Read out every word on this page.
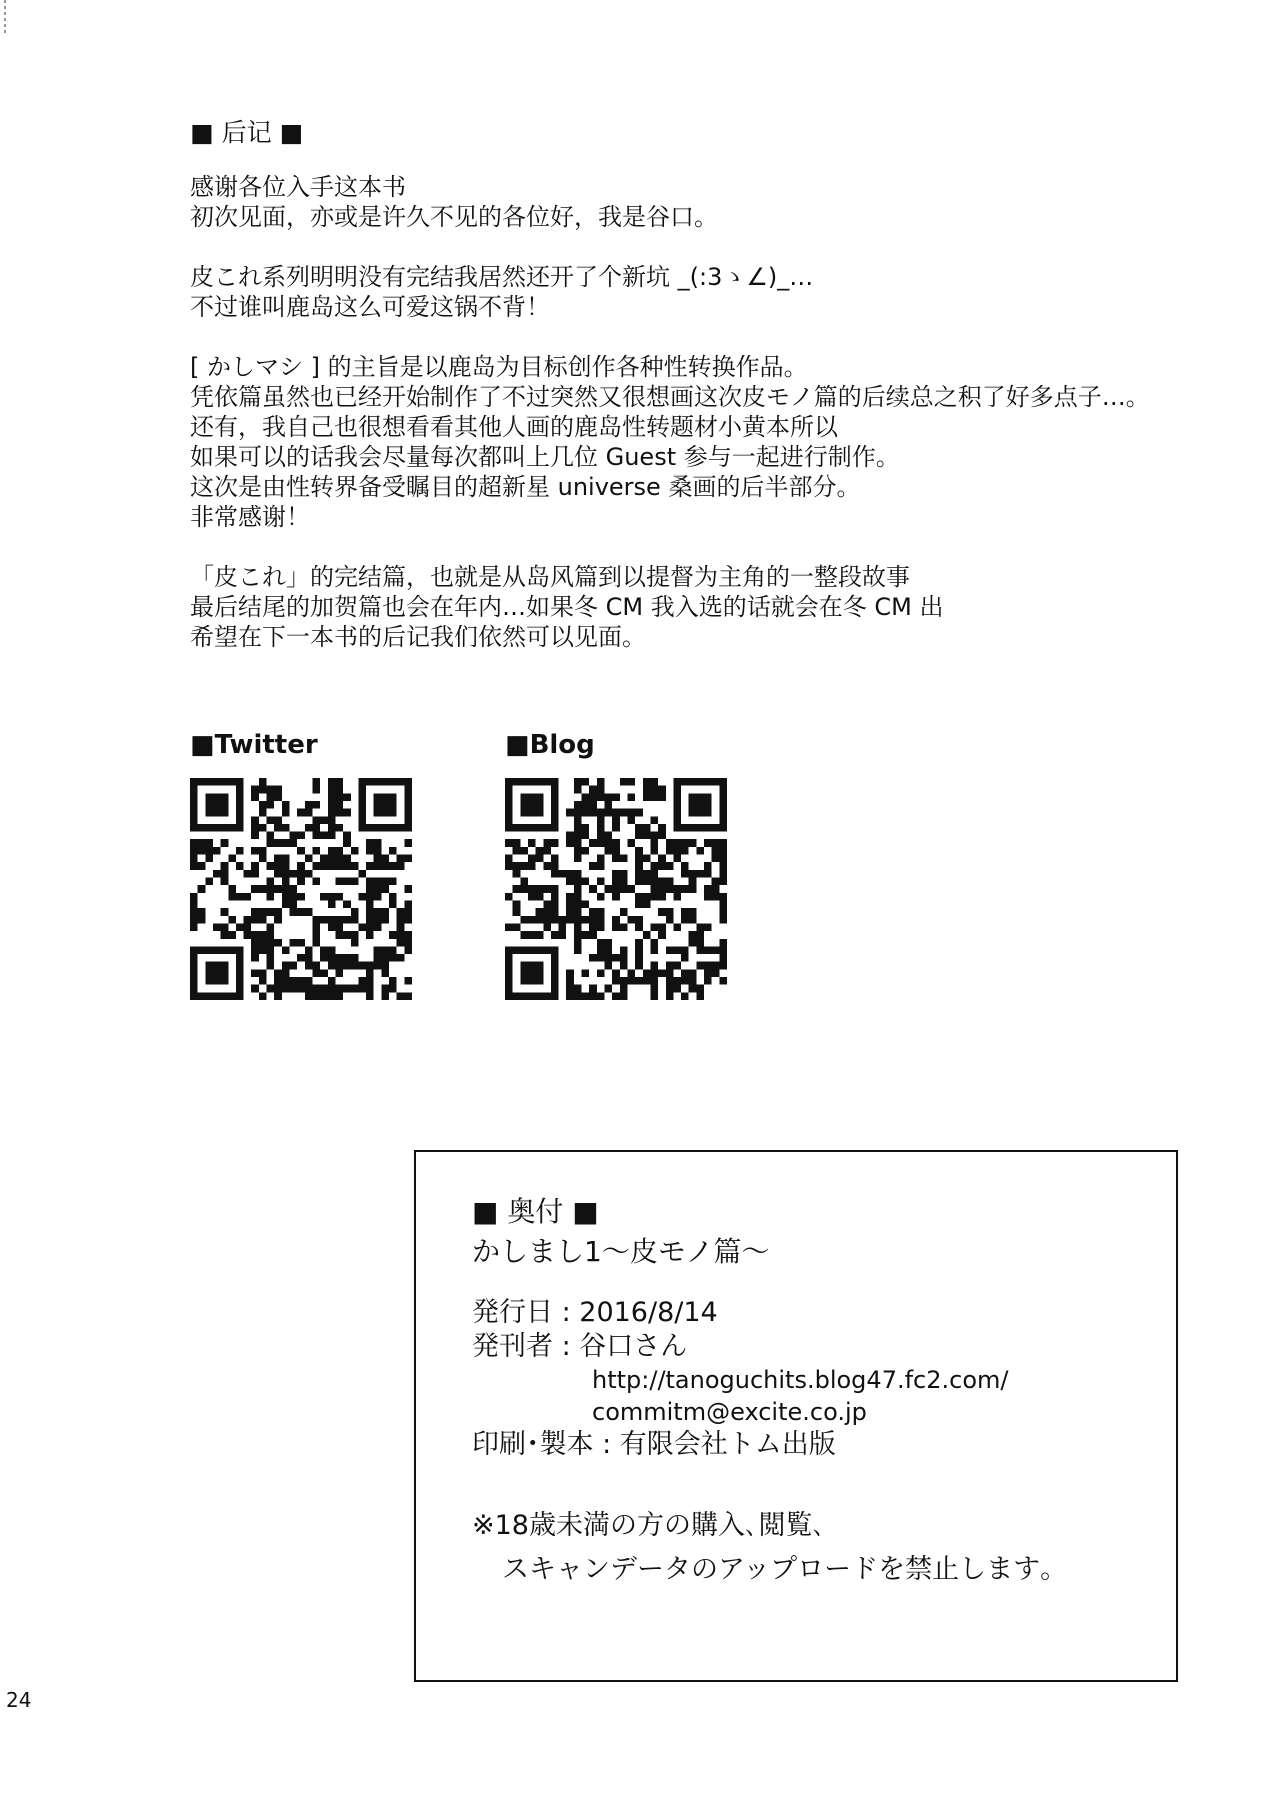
■ 后记 ■
感谢各位入手这本书
初次见面，亦或是许久不见的各位好，我是谷口。
皮これ系列明明没有完结我居然还开了个新坑 _(:3ゝ∠)_…
不过谁叫鹿岛这么可爱这锅不背！
[ かしマシ ] 的主旨是以鹿岛为目标创作各种性转换作品。
凭依篇虽然也已经开始制作了不过突然又很想画这次皮モノ篇的后续总之积了好多点子…。
还有，我自己也很想看看其他人画的鹿岛性转题材小黄本所以
如果可以的话我会尽量每次都叫上几位 Guest 参与一起进行制作。
这次是由性转界备受瞩目的超新星 universe 桑画的后半部分。
非常感谢！
「皮これ」的完结篇，也就是从岛风篇到以提督为主角的一整段故事
最后结尾的加贺篇也会在年内…如果冬 CM 我入选的话就会在冬 CM 出
希望在下一本书的后记我们依然可以见面。
■Twitter	■Blog
■ 奥付 ■
かしまし1～皮モノ篇～
発行日 : 2016/8/14
発刊者 : 谷口さん
http://tanoguchits.blog47.fc2.com/
commitm@excite.co.jp
印刷･製本 : 有限会社トム出版
※18歳未満の方の購入､閲覧､
スキャンデータのアップロードを禁止します｡
24
